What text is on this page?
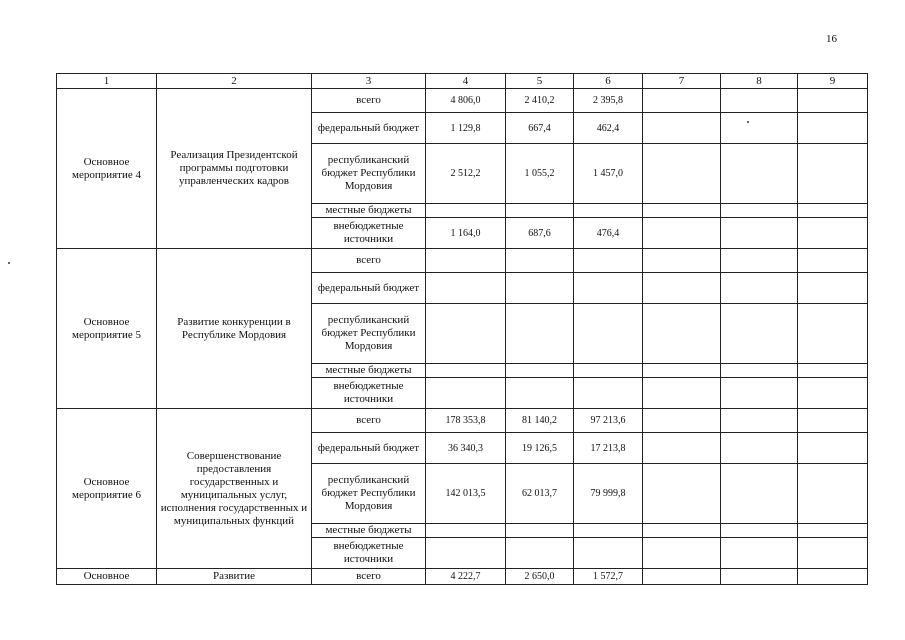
16
1	2	3	4	5	6	7	8	9
Основное мероприятие 4	Реализация Президентской программы подготовки управленческих кадров	всего	4 806,0	2 410,2	2 395,8			
		федеральный бюджет	1 129,8	667,4	462,4			
		республиканский бюджет Республики Мордовия	2 512,2	1 055,2	1 457,0			
		местные бюджеты						
		внебюджетные источники	1 164,0	687,6	476,4			
Основное мероприятие 5	Развитие конкуренции в Республике Мордовия	всего						
		федеральный бюджет						
		республиканский бюджет Республики Мордовия						
		местные бюджеты						
		внебюджетные источники						
Основное мероприятие 6	Совершенствование предоставления государственных и муниципальных услуг, исполнения государственных и муниципальных функций	всего	178 353,8	81 140,2	97 213,6			
		федеральный бюджет	36 340,3	19 126,5	17 213,8			
		республиканский бюджет Республики Мордовия	142 013,5	62 013,7	79 999,8			
		местные бюджеты						
		внебюджетные источники						
Основное	Развитие	всего	4 222,7	2 650,0	1 572,7			
